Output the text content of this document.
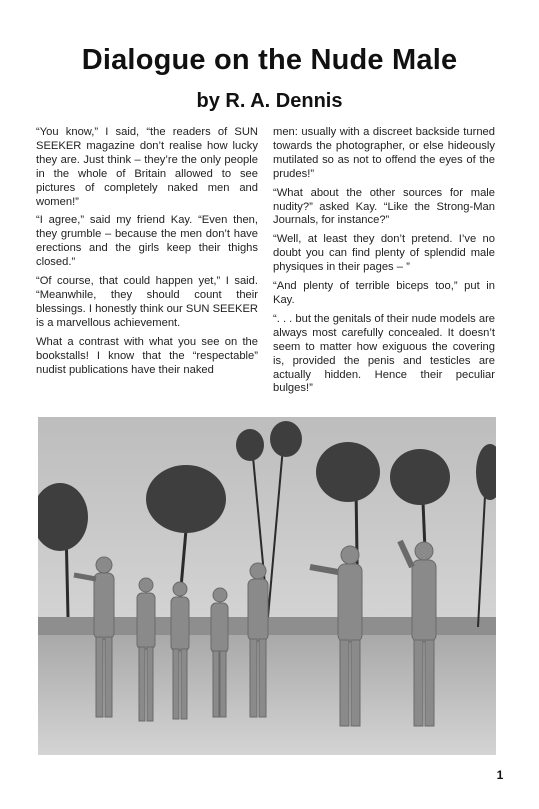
Dialogue on the Nude Male
by R. A. Dennis

“You know,” I said, “the readers of SUN SEEKER magazine don’t realise how lucky they are. Just think – they’re the only people in the whole of Britain allowed to see pictures of completely naked men and women!”

“I agree,” said my friend Kay. “Even then, they grumble – because the men don’t have erections and the girls keep their thighs closed.”

“Of course, that could happen yet,” I said. “Meanwhile, they should count their blessings. I honestly think our SUN SEEKER is a marvellous achievement.

What a contrast with what you see on the bookstalls! I know that the “respectable” nudist publications have their naked

men: usually with a discreet backside turned towards the photographer, or else hideously mutilated so as not to offend the eyes of the prudes!”

“What about the other sources for male nudity?” asked Kay. “Like the Strong-Man Journals, for instance?”

“Well, at least they don’t pretend. I’ve no doubt you can find plenty of splendid male physiques in their pages – ”

“And plenty of terrible biceps too,” put in Kay.

“. . . but the genitals of their nude models are always most carefully concealed. It doesn’t seem to matter how exiguous the covering is, provided the penis and testicles are actually hidden. Hence their peculiar bulges!”

1
